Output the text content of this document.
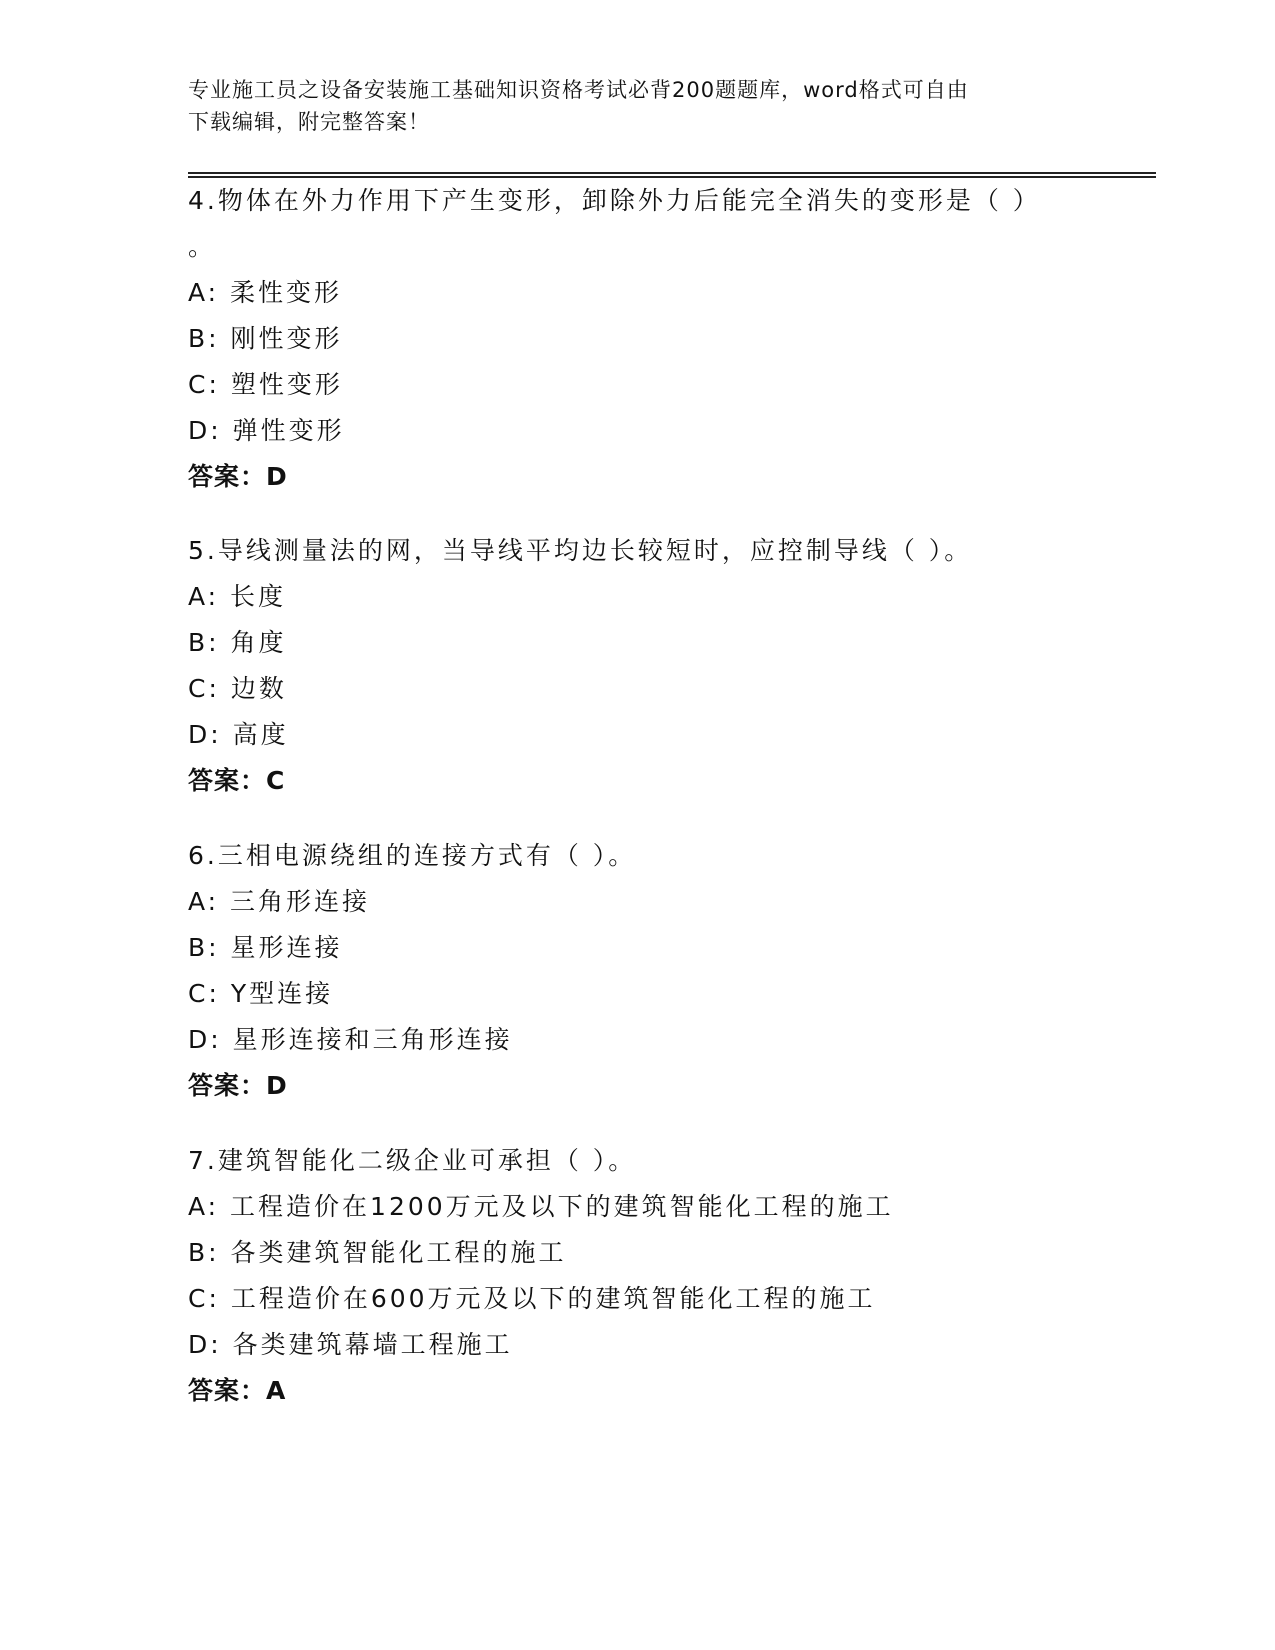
专业施工员之设备安装施工基础知识资格考试必背200题题库，word格式可自由
下载编辑，附完整答案！

4.物体在外力作用下产生变形，卸除外力后能完全消失的变形是（ ）

。

A: 柔性变形

B: 刚性变形

C: 塑性变形

D: 弹性变形

答案：D

5.导线测量法的网，当导线平均边长较短时，应控制导线（ ）。

A: 长度

B: 角度

C: 边数

D: 高度

答案：C

6.三相电源绕组的连接方式有（ ）。

A: 三角形连接

B: 星形连接

C: Y型连接

D: 星形连接和三角形连接

答案：D

7.建筑智能化二级企业可承担（ ）。

A: 工程造价在1200万元及以下的建筑智能化工程的施工

B: 各类建筑智能化工程的施工

C: 工程造价在600万元及以下的建筑智能化工程的施工

D: 各类建筑幕墙工程施工

答案：A
